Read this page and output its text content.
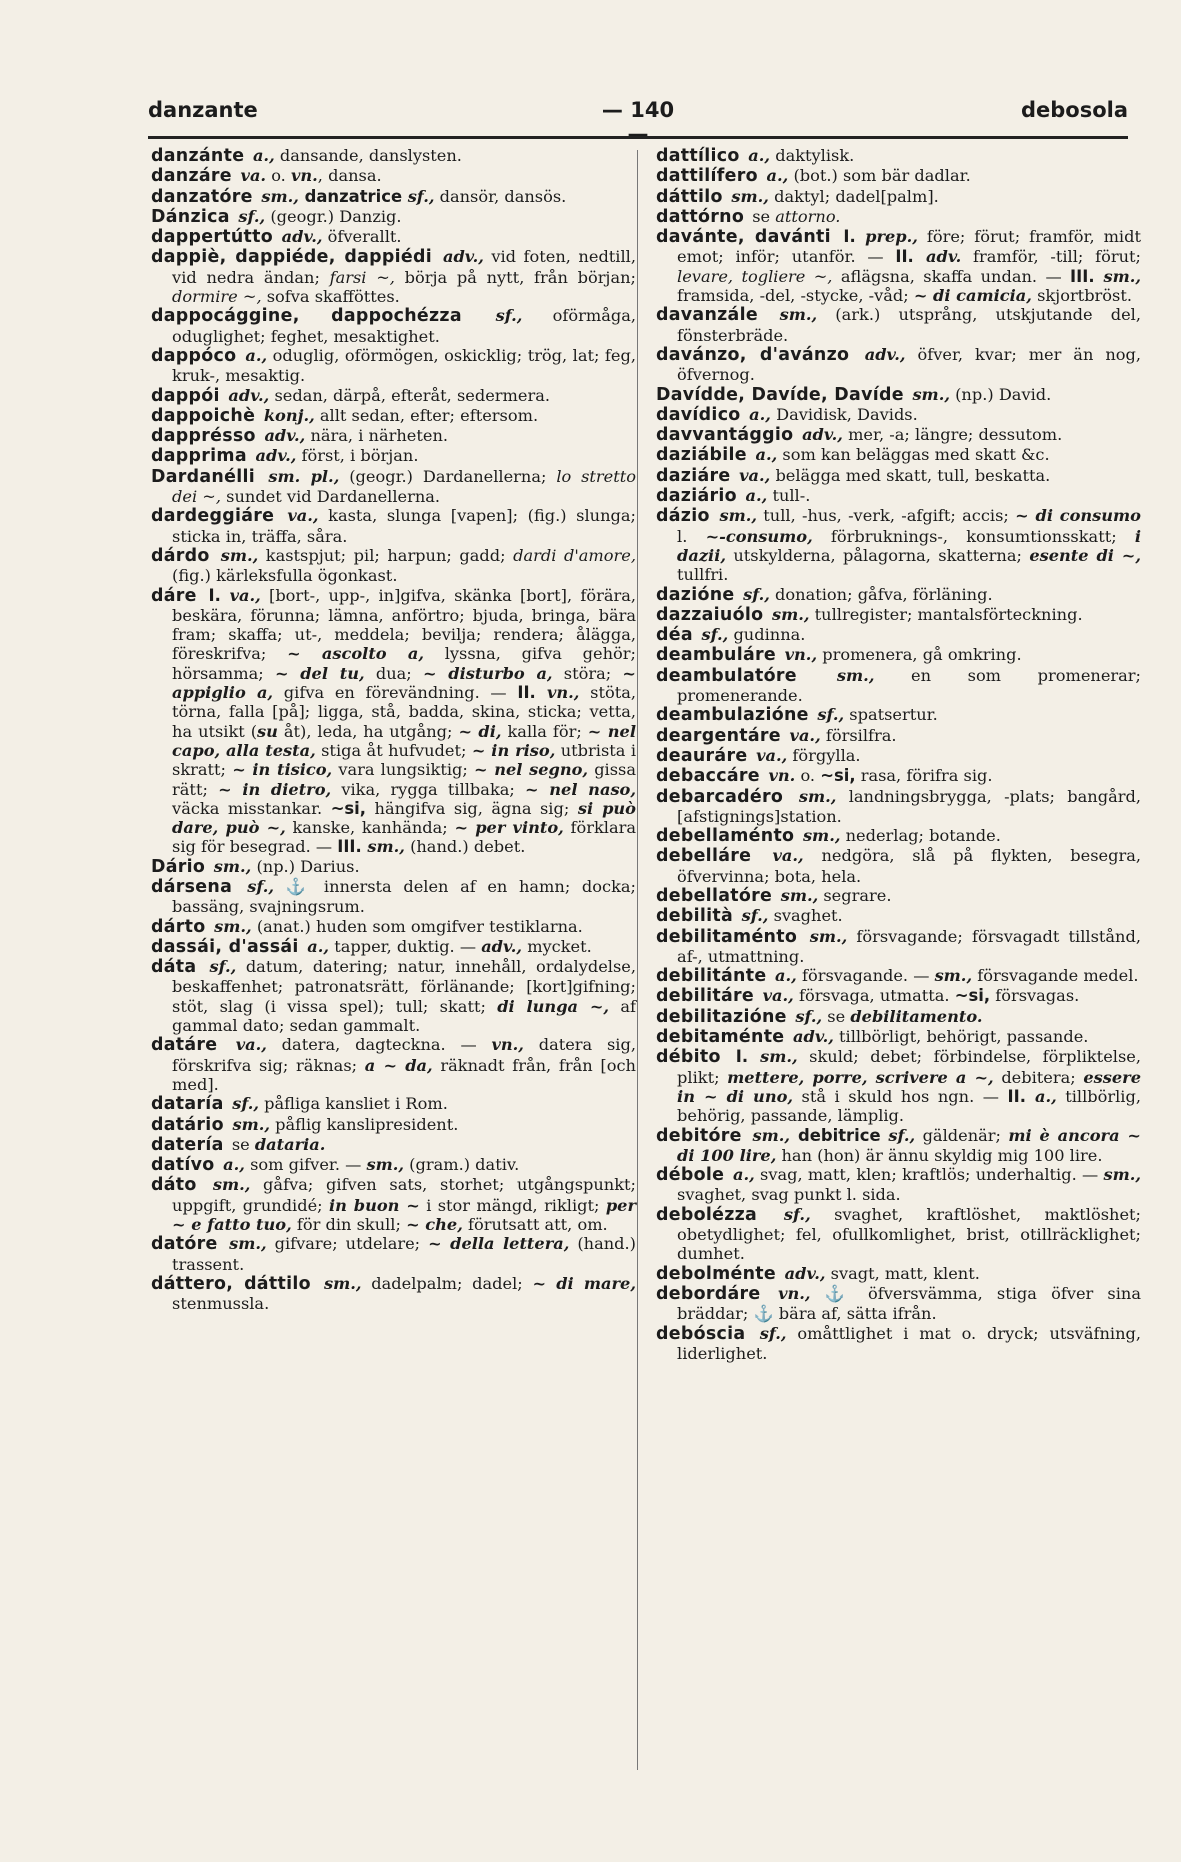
danzante	— 140 —
debosola

danzánte a., dansande, danslysten.

danzáre va. o. vn., dansa.

danzatóre sm., danzatrice sf., dansör, dansös.

Dánzica sf., (geogr.) Danzig.

dappertútto adv., öfverallt.

dappiè, dappiéde, dappiédi adv., vid foten, nedtill, vid nedra ändan; farsi ~, börja på nytt, från början; dormire ~, sofva skafföttes.

dappocággine, dappochézza sf., oförmåga, oduglighet; feghet, mesaktighet.

dappóco a., oduglig, oförmögen, oskicklig; trög, lat; feg, kruk-, mesaktig.

dappói adv., sedan, därpå, efteråt, sedermera.

dappoichè konj., allt sedan, efter; eftersom.

dapprésso adv., nära, i närheten.

dapprima adv., först, i början.

Dardanélli sm. pl., (geogr.) Dardanellerna; lo stretto dei ~, sundet vid Dardanellerna.

dardeggiáre va., kasta, slunga [vapen]; (fig.) slunga; sticka in, träffa, såra.

dárdo sm., kastspjut; pil; harpun; gadd; dardi d'amore, (fig.) kärleksfulla ögonkast.

dáre I. va., [bort-, upp-, in]gifva, skänka [bort], förära, beskära, förunna; lämna, anförtro; bjuda, bringa, bära fram; skaffa; ut-, meddela; bevilja; rendera; ålägga, föreskrifva; ~ ascolto a, lyssna, gifva gehör; hörsamma; ~ del tu, dua; ~ disturbo a, störa; ~ appiglio a, gifva en förevändning. — II. vn., stöta, törna, falla [på]; ligga, stå, badda, skina, sticka; vetta, ha utsikt (su åt), leda, ha utgång; ~ di, kalla för; ~ nel capo, alla testa, stiga åt hufvudet; ~ in riso, utbrista i skratt; ~ in tisico, vara lungsiktig; ~ nel segno, gissa rätt; ~ in dietro, vika, rygga tillbaka; ~ nel naso, väcka misstankar. ~si, hängifva sig, ägna sig; si può dare, può ~, kanske, kanhända; ~ per vinto, förklara sig för besegrad. — III. sm., (hand.) debet.

Dário sm., (np.) Darius.

dársena sf., ⚓ innersta delen af en hamn; docka; bassäng, svajningsrum.

dárto sm., (anat.) huden som omgifver testiklarna.

dassái, d'assái a., tapper, duktig. — adv., mycket.

dáta sf., datum, datering; natur, innehåll, ordalydelse, beskaffenhet; patronatsrätt, förlänande; [kort]gifning; stöt, slag (i vissa spel); tull; skatt; di lunga ~, af gammal dato; sedan gammalt.

datáre va., datera, dagteckna. — vn., datera sig, förskrifva sig; räknas; a ~ da, räknadt från, från [och med].

dataría sf., påfliga kansliet i Rom.

datário sm., påflig kanslipresident.

datería se dataria.

datívo a., som gifver. — sm., (gram.) dativ.

dáto sm., gåfva; gifven sats, storhet; utgångspunkt; uppgift, grundidé; in buon ~ i stor mängd, rikligt; per ~ e fatto tuo, för din skull; ~ che, förutsatt att, om.

datóre sm., gifvare; utdelare; ~ della lettera, (hand.) trassent.

dáttero, dáttilo sm., dadelpalm; dadel; ~ di mare, stenmussla.

dattílico a., daktylisk.

dattilífero a., (bot.) som bär dadlar.

dáttilo sm., daktyl; dadel[palm].

dattórno se attorno.

davánte, davánti I. prep., före; förut; framför, midt emot; inför; utanför. — II. adv. framför, -till; förut; levare, togliere ~, aflägsna, skaffa undan. — III. sm., framsida, -del, -stycke, -våd; ~ di camicia, skjortbröst.

davanzále sm., (ark.) utsprång, utskjutande del, fönsterbräde.

davánzo, d'avánzo adv., öfver, kvar; mer än nog, öfvernog.

Davídde, Davíde, Davíde sm., (np.) David.

davídico a., Davidisk, Davids.

davvantággio adv., mer, -a; längre; dessutom.

daziábile a., som kan beläggas med skatt &c.

daziáre va., belägga med skatt, tull, beskatta.

daziário a., tull-.

dázio sm., tull, -hus, -verk, -afgift; accis; ~ di consumo l. ~-consumo, förbruknings-, konsumtionsskatt; i dazii, utskylderna, pålagorna, skatterna; esente di ~, tullfri.

dazióne sf., donation; gåfva, förläning.

dazzaiuólo sm., tullregister; mantalsförteckning.

déa sf., gudinna.

deambuláre vn., promenera, gå omkring.

deambulatóre sm., en som promenerar; promenerande.

deambulazióne sf., spatsertur.

deargentáre va., försilfra.

deauráre va., förgylla.

debaccáre vn. o. ~si, rasa, förifra sig.

debarcadéro sm., landningsbrygga, -plats; bangård, [afstignings]station.

debellaménto sm., nederlag; botande.

debelláre va., nedgöra, slå på flykten, besegra, öfvervinna; bota, hela.

debellatóre sm., segrare.

debilità sf., svaghet.

debilitaménto sm., försvagande; försvagadt tillstånd, af-, utmattning.

debilitánte a., försvagande. — sm., försvagande medel.

debilitáre va., försvaga, utmatta. ~si, försvagas.

debilitazióne sf., se debilitamento.

debitaménte adv., tillbörligt, behörigt, passande.

débito I. sm., skuld; debet; förbindelse, förpliktelse, plikt; mettere, porre, scrivere a ~, debitera; essere in ~ di uno, stå i skuld hos ngn. — II. a., tillbörlig, behörig, passande, lämplig.

debitóre sm., debitrice sf., gäldenär; mi è ancora ~ di 100 lire, han (hon) är ännu skyldig mig 100 lire.

débole a., svag, matt, klen; kraftlös; underhaltig. — sm., svaghet, svag punkt l. sida.

debolézza sf., svaghet, kraftlöshet, maktlöshet; obetydlighet; fel, ofullkomlighet, brist, otillräcklighet; dumhet.

debolménte adv., svagt, matt, klent.

debordáre vn., ⚓ öfversvämma, stiga öfver sina bräddar; ⚓ bära af, sätta ifrån.

debóscia sf., omåttlighet i mat o. dryck; utsväfning, liderlighet.
